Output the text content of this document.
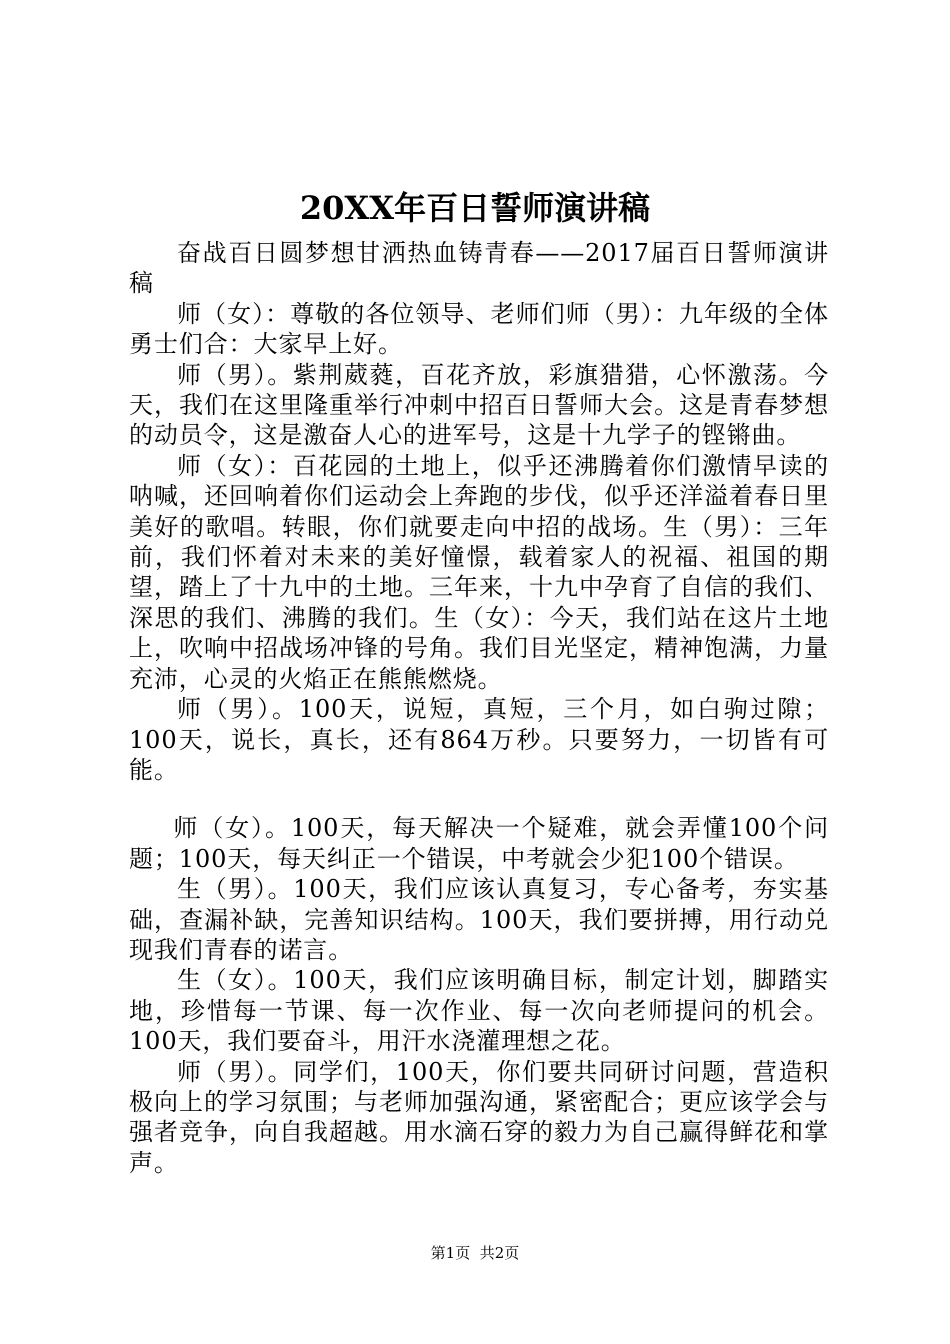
20XX年百日誓师演讲稿

奋战百日圆梦想甘洒热血铸青春——2017届百日誓师演讲稿

师（女）：尊敬的各位领导、老师们师（男）：九年级的全体勇士们合：大家早上好。

师（男）。紫荆葳蕤，百花齐放，彩旗猎猎，心怀激荡。今天，我们在这里隆重举行冲刺中招百日誓师大会。这是青春梦想的动员令，这是激奋人心的进军号，这是十九学子的铿锵曲。

师（女）：百花园的土地上，似乎还沸腾着你们激情早读的呐喊，还回响着你们运动会上奔跑的步伐，似乎还洋溢着春日里美好的歌唱。转眼，你们就要走向中招的战场。生（男）：三年前，我们怀着对未来的美好憧憬，载着家人的祝福、祖国的期望，踏上了十九中的土地。三年来，十九中孕育了自信的我们、深思的我们、沸腾的我们。生（女）：今天，我们站在这片土地上，吹响中招战场冲锋的号角。我们目光坚定，精神饱满，力量充沛，心灵的火焰正在熊熊燃烧。

师（男）。100天，说短，真短，三个月，如白驹过隙；100天，说长，真长，还有864万秒。只要努力，一切皆有可能。

师（女）。100天，每天解决一个疑难，就会弄懂100个问题；100天，每天纠正一个错误，中考就会少犯100个错误。

生（男）。100天，我们应该认真复习，专心备考，夯实基础，查漏补缺，完善知识结构。100天，我们要拼搏，用行动兑现我们青春的诺言。

生（女）。100天，我们应该明确目标，制定计划，脚踏实地，珍惜每一节课、每一次作业、每一次向老师提问的机会。100天，我们要奋斗，用汗水浇灌理想之花。

师（男）。同学们，100天，你们要共同研讨问题，营造积极向上的学习氛围；与老师加强沟通，紧密配合；更应该学会与强者竞争，向自我超越。用水滴石穿的毅力为自己赢得鲜花和掌声。

第1页 共2页
